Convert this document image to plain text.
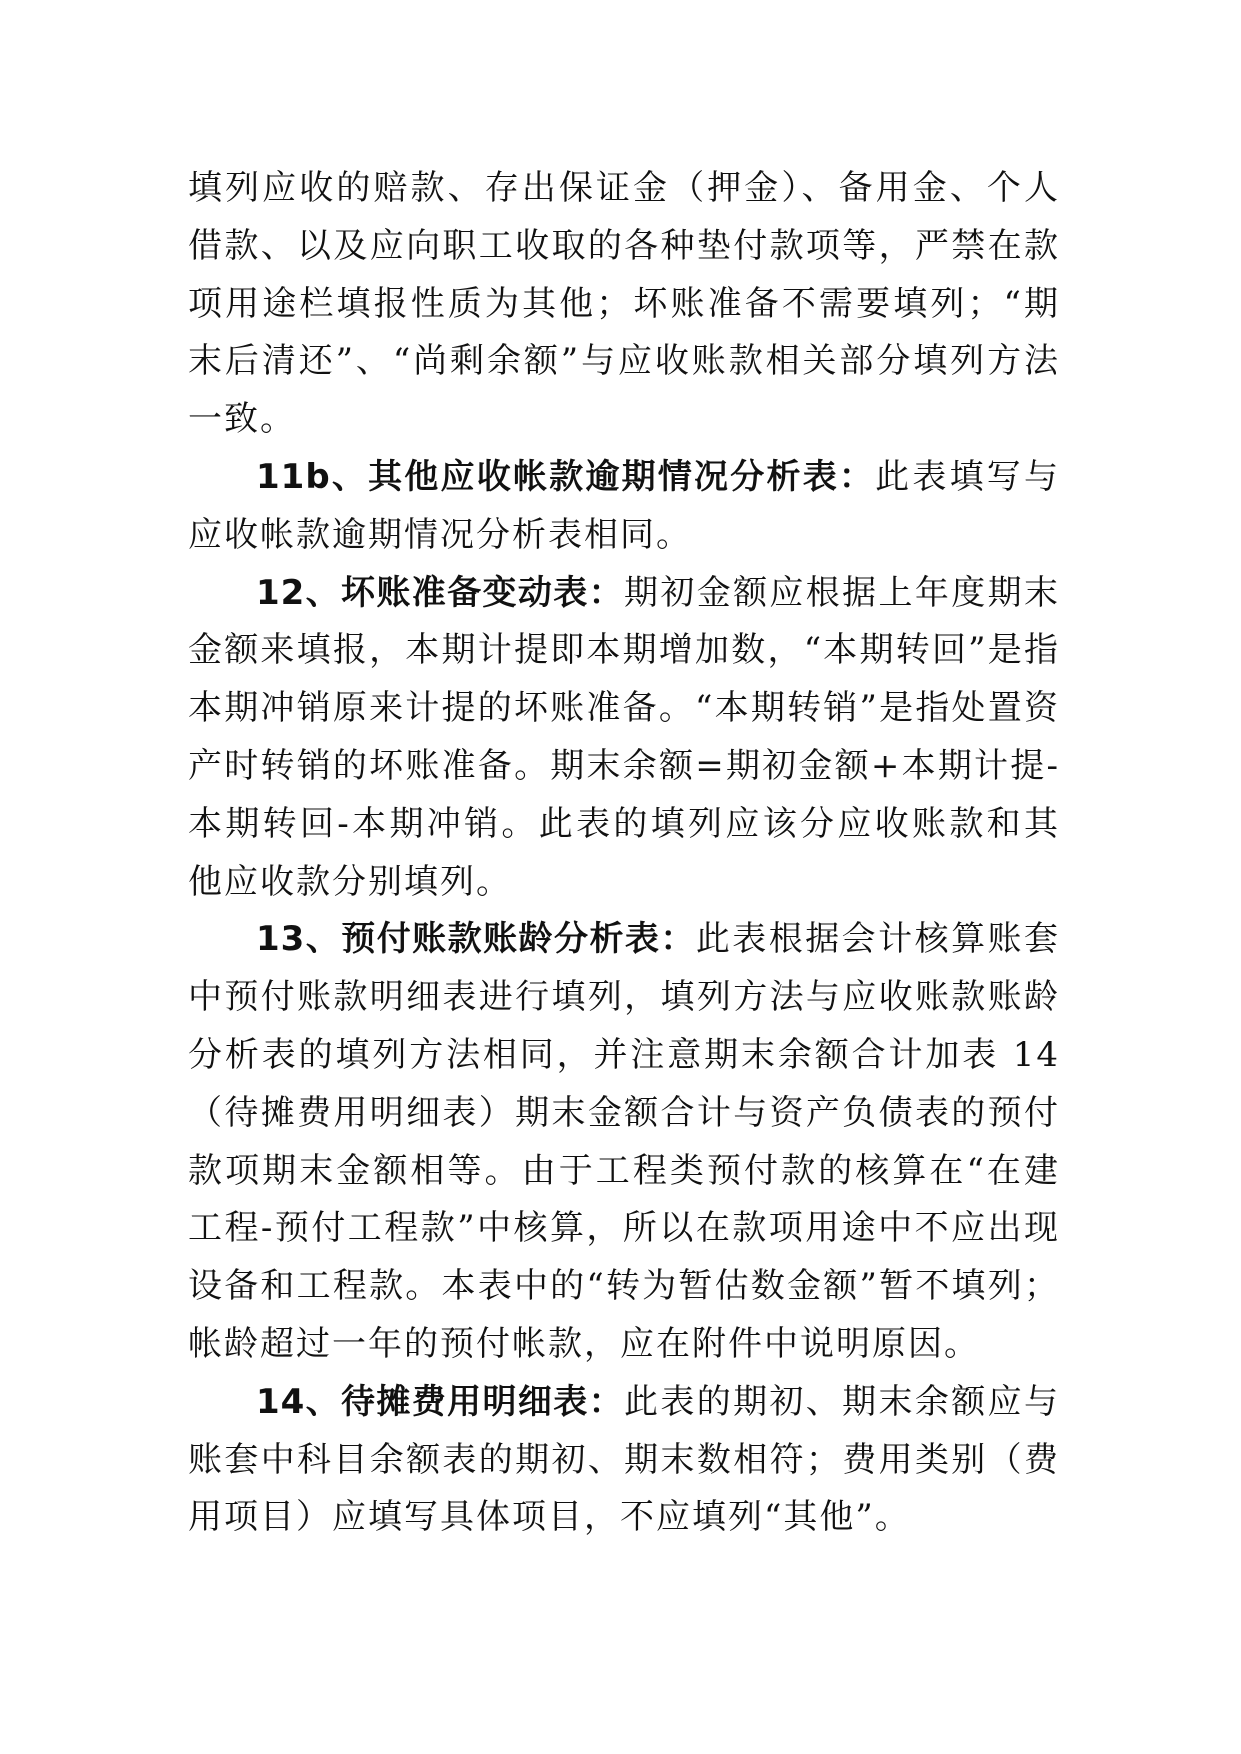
填列应收的赔款、存出保证金（押金）、备用金、个人借款、以及应向职工收取的各种垫付款项等，严禁在款项用途栏填报性质为其他；坏账准备不需要填列；“期末后清还”、“尚剩余额”与应收账款相关部分填列方法一致。

11b、其他应收帐款逾期情况分析表：此表填写与应收帐款逾期情况分析表相同。

12、坏账准备变动表：期初金额应根据上年度期末金额来填报，本期计提即本期增加数，“本期转回”是指本期冲销原来计提的坏账准备。“本期转销”是指处置资产时转销的坏账准备。期末余额=期初金额+本期计提-本期转回-本期冲销。此表的填列应该分应收账款和其他应收款分别填列。

13、预付账款账龄分析表：此表根据会计核算账套中预付账款明细表进行填列，填列方法与应收账款账龄分析表的填列方法相同，并注意期末余额合计加表 14（待摊费用明细表）期末金额合计与资产负债表的预付款项期末金额相等。由于工程类预付款的核算在“在建工程-预付工程款”中核算，所以在款项用途中不应出现设备和工程款。本表中的“转为暂估数金额”暂不填列；帐龄超过一年的预付帐款，应在附件中说明原因。

14、待摊费用明细表：此表的期初、期末余额应与账套中科目余额表的期初、期末数相符；费用类别（费用项目）应填写具体项目，不应填列“其他”。
